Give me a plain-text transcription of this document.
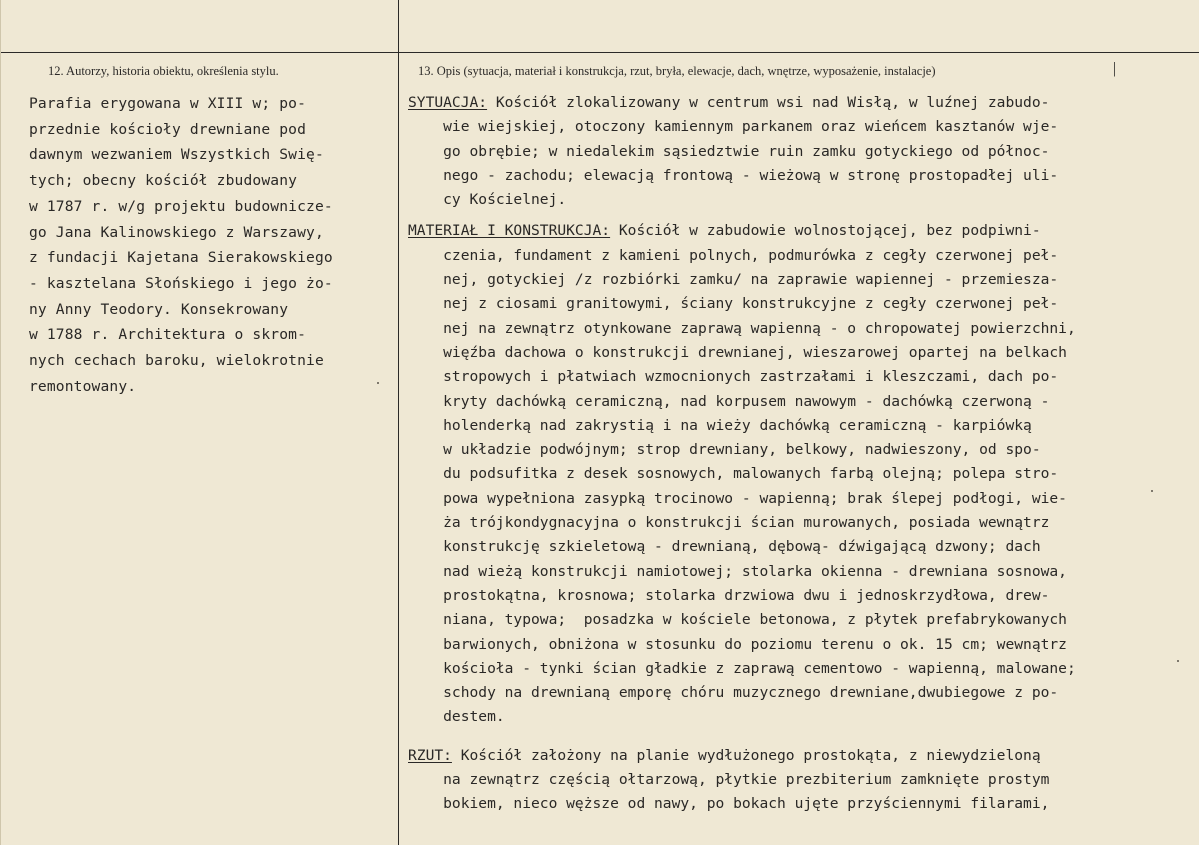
12. Autorzy, historia obiektu, określenia stylu.	13. Opis (sytuacja, materiał i konstrukcja, rzut, bryła, elewacje, dach, wnętrze, wyposażenie, instalacje)	|
Parafia erygowana w XIII w; po-
przednie kościoły drewniane pod
dawnym wezwaniem Wszystkich Swię-
tych; obecny kościół zbudowany
w 1787 r. w/g projektu budownicze-
go Jana Kalinowskiego z Warszawy,
z fundacji Kajetana Sierakowskiego
- kasztelana Słońskiego i jego żo-
ny Anny Teodory. Konsekrowany
w 1788 r. Architektura o skrom-
nych cechach baroku, wielokrotnie
remontowany.
SYTUACJA: Kościół zlokalizowany w centrum wsi nad Wisłą, w luźnej zabudo-
wie wiejskiej, otoczony kamiennym parkanem oraz wieńcem kasztanów wje-
go obrębie; w niedalekim sąsiedztwie ruin zamku gotyckiego od północ-
nego - zachodu; elewacją frontową - wieżową w stronę prostopadłej uli-
cy Kościelnej.
MATERIAŁ I KONSTRUKCJA: Kościół w zabudowie wolnostojącej, bez podpiwni-
czenia, fundament z kamieni polnych, podmurówka z cegły czerwonej peł-
nej, gotyckiej /z rozbiórki zamku/ na zaprawie wapiennej - przemiesza-
nej z ciosami granitowymi, ściany konstrukcyjne z cegły czerwonej peł-
nej na zewnątrz otynkowane zaprawą wapienną - o chropowatej powierzchni,
więźba dachowa o konstrukcji drewnianej, wieszarowej opartej na belkach
stropowych i płatwiach wzmocnionych zastrzałami i kleszczami, dach po-
kryty dachówką ceramiczną, nad korpusem nawowym - dachówką czerwoną -
holenderką nad zakrystią i na wieży dachówką ceramiczną - karpiówką
w układzie podwójnym; strop drewniany, belkowy, nadwieszony, od spo-
du podsufitka z desek sosnowych, malowanych farbą olejną; polepa stro-
powa wypełniona zasypką trocinowo - wapienną; brak ślepej podłogi, wie-
ża trójkondygnacyjna o konstrukcji ścian murowanych, posiada wewnątrz
konstrukcję szkieletową - drewnianą, dębową- dźwigającą dzwony; dach
nad wieżą konstrukcji namiotowej; stolarka okienna - drewniana sosnowa,
prostokątna, krosnowa; stolarka drzwiowa dwu i jednoskrzydłowa, drew-
niana, typowa;  posadzka w kościele betonowa, z płytek prefabrykowanych
barwionych, obniżona w stosunku do poziomu terenu o ok. 15 cm; wewnątrz
kościoła - tynki ścian gładkie z zaprawą cementowo - wapienną, malowane;
schody na drewnianą emporę chóru muzycznego drewniane,dwubiegowe z po-
destem.
RZUT: Kościół założony na planie wydłużonego prostokąta, z niewydzieloną
na zewnątrz częścią ołtarzową, płytkie prezbiterium zamknięte prostym
bokiem, nieco węższe od nawy, po bokach ujęte przyściennymi filarami,
